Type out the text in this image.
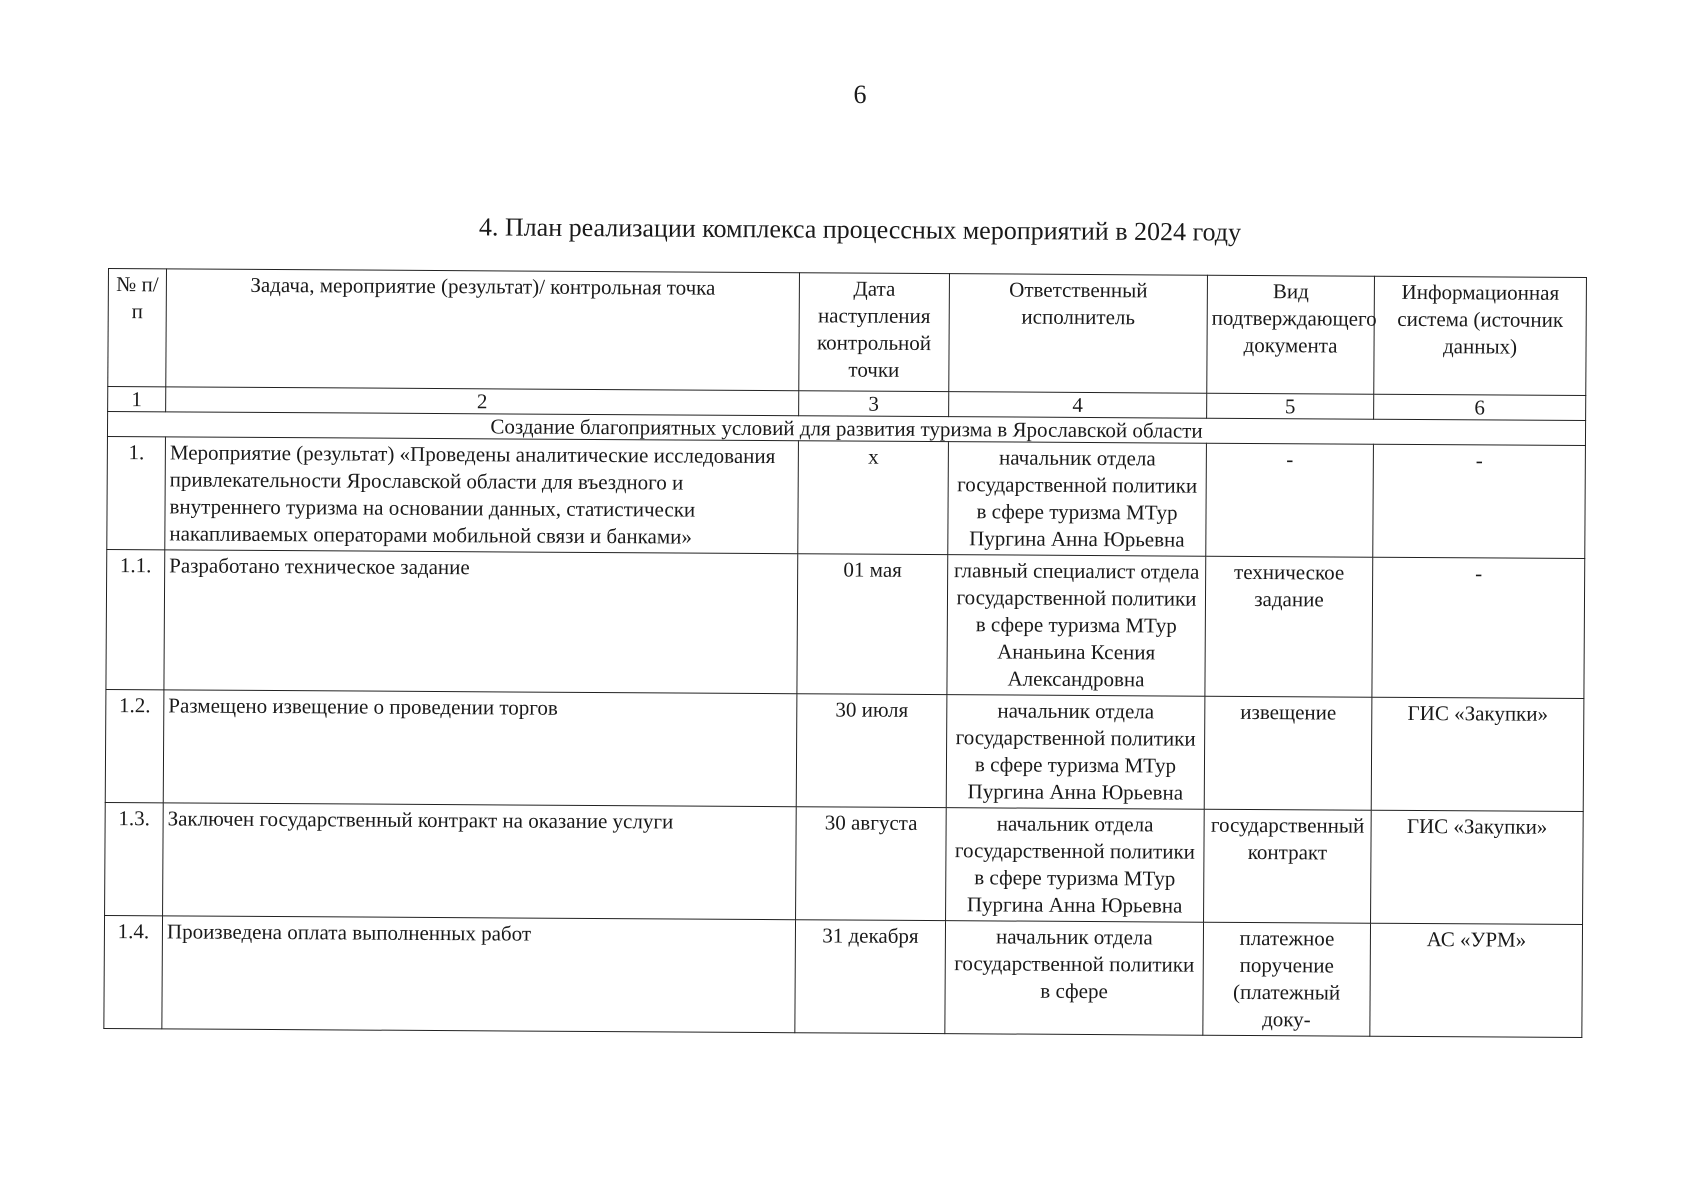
6
4. План реализации комплекса процессных мероприятий в 2024 году
№ п/п	Задача, мероприятие (результат)/ контрольная точка	Дата наступления контрольной точки	Ответственный исполнитель	Вид подтверждающего документа	Информационная система (источник данных)
1	2	3	4	5	6
Создание благоприятных условий для развития туризма в Ярославской области					
1.	Мероприятие (результат) «Проведены аналитические исследования привлекательности Ярославской области для въездного и внутреннего туризма на основании данных, статистически накапливаемых операторами мобильной связи и банками»	x	начальник отдела государственной политики в сфере туризма МТур Пургина Анна Юрьевна	-	-
1.1.	Разработано техническое задание	01 мая	главный специалист отдела государственной политики в сфере туризма МТур Ананьина Ксения Александровна	техническое задание	-
1.2.	Размещено извещение о проведении торгов	30 июля	начальник отдела государственной политики в сфере туризма МТур Пургина Анна Юрьевна	извещение	ГИС «Закупки»
1.3.	Заключен государственный контракт на оказание услуги	30 августа	начальник отдела государственной политики в сфере туризма МТур Пургина Анна Юрьевна	государственный контракт	ГИС «Закупки»
1.4.	Произведена оплата выполненных работ	31 декабря	начальник отдела государственной политики в сфере	платежное поручение (платежный доку-	АС «УРМ»
